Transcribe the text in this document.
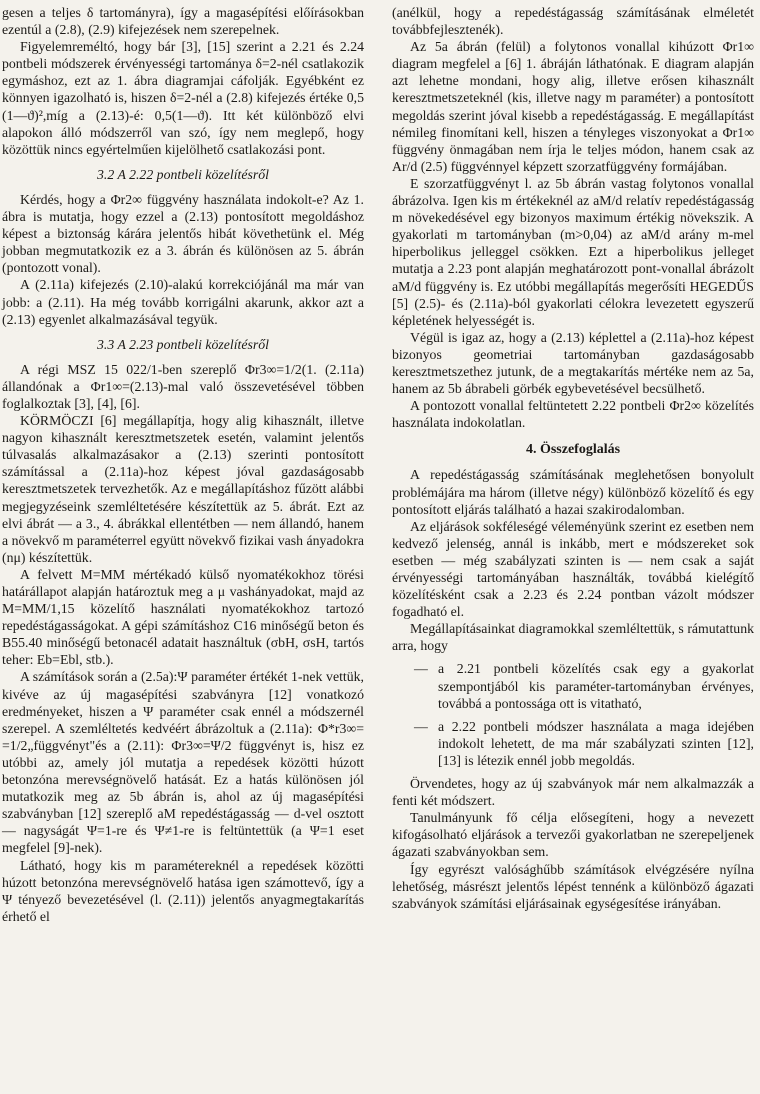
gesen a teljes δ tartományra), így a magasépítési előírásokban ezentúl a (2.8), (2.9) kifejezések nem szerepelnek.

Figyelemreméltó, hogy bár [3], [15] szerint a 2.21 és 2.24 pontbeli módszerek érvényességi tartománya δ=2-nél csatlakozik egymáshoz, ezt az 1. ábra diagramjai cáfolják. Egyébként ez könnyen igazolható is, hiszen δ=2-nél a (2.8) kifejezés értéke 0,5 (1—ϑ)²,míg a (2.13)-é: 0,5(1—ϑ). Itt két különböző elvi alapokon álló módszerről van szó, így nem meglepő, hogy közöttük nincs egyértelműen kijelölhető csatlakozási pont.

3.2 A 2.22 pontbeli közelítésről

Kérdés, hogy a Φr2∞ függvény használata indokolt-e? Az 1. ábra is mutatja, hogy ezzel a (2.13) pontosított megoldáshoz képest a biztonság kárára jelentős hibát követhetünk el. Még jobban megmutatkozik ez a 3. ábrán és különösen az 5. ábrán (pontozott vonal).

A (2.11a) kifejezés (2.10)-alakú korrekciójánál ma már van jobb: a (2.11). Ha még tovább korrigálni akarunk, akkor azt a (2.13) egyenlet alkalmazásával tegyük.

3.3 A 2.23 pontbeli közelítésről

A régi MSZ 15 022/1-ben szereplő Φr3∞=1/2(1. (2.11a) állandónak a Φr1∞=(2.13)-mal való összevetésével többen foglalkoztak [3], [4], [6].

KÖRMÖCZI [6] megállapítja, hogy alig kihasznált, illetve nagyon kihasznált keresztmetszetek esetén, valamint jelentős túlvasalás alkalmazásakor a (2.13) szerinti pontosított számítással a (2.11a)-hoz képest jóval gazdaságosabb keresztmetszetek tervezhetők. Az e megállapításhoz fűzött alábbi megjegyzéseink szemléltetésére készítettük az 5. ábrát. Ezt az elvi ábrát — a 3., 4. ábrákkal ellentétben — nem állandó, hanem a növekvő m paraméterrel együtt növekvő fizikai vash ányadokra (nμ) készítettük.

A felvett M=MM mértékadó külső nyomatékokhoz törési határállapot alapján határoztuk meg a μ vashányadokat, majd az M=MM/1,15 közelítő használati nyomatékokhoz tartozó repedéstágasságokat. A gépi számításhoz C16 minőségű beton és B55.40 minőségű betonacél adatait használtuk (σbH, σsH, tartós teher: Eb=Ebl, stb.).

A számítások során a (2.5a):Ψ paraméter értékét 1-nek vettük, kivéve az új magasépítési szabványra [12] vonatkozó eredményeket, hiszen a Ψ paraméter csak ennél a módszernél szerepel. A szemléltetés kedvéért ábrázoltuk a (2.11a): Φ*r3∞= =1/2„függvényt"és a (2.11): Φr3∞=Ψ/2 függvényt is, hisz ez utóbbi az, amely jól mutatja a repedések közötti húzott betonzóna merevségnövelő hatását. Ez a hatás különösen jól mutatkozik meg az 5b ábrán is, ahol az új magasépítési szabványban [12] szereplő aM repedéstágasság — d-vel osztott — nagyságát Ψ=1-re és Ψ≠1-re is feltüntettük (a Ψ=1 eset megfelel [9]-nek).

Látható, hogy kis m paramétereknél a repedések közötti húzott betonzóna merevségnövelő hatása igen számottevő, így a Ψ tényező bevezetésével (l. (2.11)) jelentős anyagmegtakarítás érhető el

(anélkül, hogy a repedéstágasság számításának elméletét továbbfejlesztenék).

Az 5a ábrán (felül) a folytonos vonallal kihúzott Φr1∞ diagram megfelel a [6] 1. ábráján láthatónak. E diagram alapján azt lehetne mondani, hogy alig, illetve erősen kihasznált keresztmetszeteknél (kis, illetve nagy m paraméter) a pontosított megoldás szerint jóval kisebb a repedéstágasság. E megállapítást némileg finomítani kell, hiszen a tényleges viszonyokat a Φr1∞ függvény önmagában nem írja le teljes módon, hanem csak az Ar/d (2.5) függvénnyel képzett szorzatfüggvény formájában.

E szorzatfüggvényt l. az 5b ábrán vastag folytonos vonallal ábrázolva. Igen kis m értékeknél az aM/d relatív repedéstágasság m növekedésével egy bizonyos maximum értékig növekszik. A gyakorlati m tartományban (m>0,04) az aM/d arány m-mel hiperbolikus jelleggel csökken. Ezt a hiperbolikus jelleget mutatja a 2.23 pont alapján meghatározott pont-vonallal ábrázolt aM/d függvény is. Ez utóbbi megállapítás megerősíti HEGEDŰS [5] (2.5)- és (2.11a)-ból gyakorlati célokra levezetett egyszerű képletének helyességét is.

Végül is igaz az, hogy a (2.13) képlettel a (2.11a)-hoz képest bizonyos geometriai tartományban gazdaságosabb keresztmetszethez jutunk, de a megtakarítás mértéke nem az 5a, hanem az 5b ábrabeli görbék egybevetésével becsülhető.

A pontozott vonallal feltüntetett 2.22 pontbeli Φr2∞ közelítés használata indokolatlan.

4. Összefoglalás

A repedéstágasság számításának meglehetősen bonyolult problémájára ma három (illetve négy) különböző közelítő és egy pontosított eljárás található a hazai szakirodalomban.

Az eljárások sokféleségé véleményünk szerint ez esetben nem kedvező jelenség, annál is inkább, mert e módszereket sok esetben — még szabályzati szinten is — nem csak a saját érvényességi tartományában használták, továbbá kielégítő közelítésként csak a 2.23 és 2.24 pontban vázolt módszer fogadható el.

Megállapításainkat diagramokkal szemléltettük, s rámutattunk arra, hogy

— a 2.21 pontbeli közelítés csak egy a gyakorlat szempontjából kis paraméter-tartományban érvényes, továbbá a pontossága ott is vitatható,
— a 2.22 pontbeli módszer használata a maga idejében indokolt lehetett, de ma már szabályzati szinten [12], [13] is létezik ennél jobb megoldás.

Örvendetes, hogy az új szabványok már nem alkalmazzák a fenti két módszert.

Tanulmányunk fő célja elősegíteni, hogy a nevezett kifogásolható eljárások a tervezői gyakorlatban ne szerepeljenek ágazati szabványokban sem.

Így egyrészt valósághűbb számítások elvégzésére nyílna lehetőség, másrészt jelentős lépést tennénk a különböző ágazati szabványok számítási eljárásainak egységesítése irányában.
